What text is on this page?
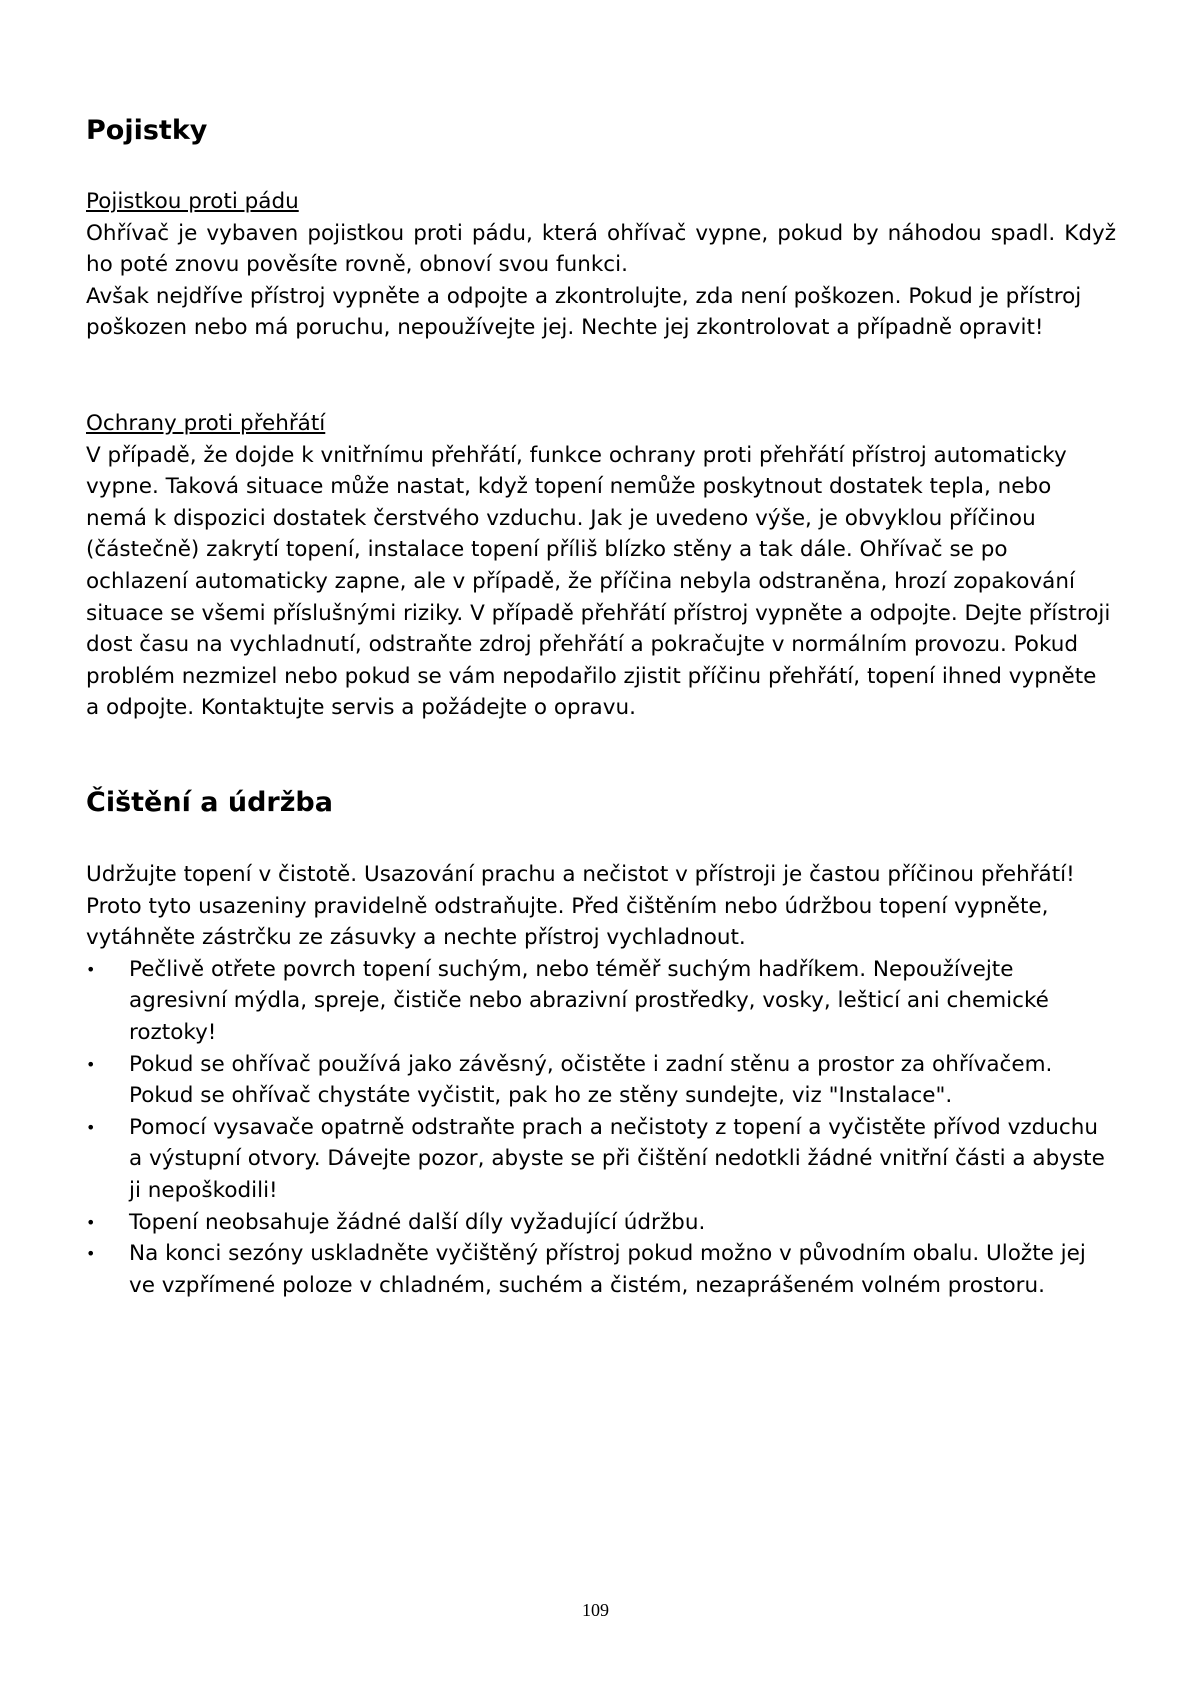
Pojistky
Pojistkou proti pádu

Ohřívač je vybaven pojistkou proti pádu, která ohřívač vypne, pokud by náhodou spadl. Když ho poté znovu pověsíte rovně, obnoví svou funkci.

Avšak nejdříve přístroj vypněte a odpojte a zkontrolujte, zda není poškozen. Pokud je přístroj poškozen nebo má poruchu, nepoužívejte jej. Nechte jej zkontrolovat a případně opravit!

Ochrany proti přehřátí

V případě, že dojde k vnitřnímu přehřátí, funkce ochrany proti přehřátí přístroj automaticky vypne. Taková situace může nastat, když topení nemůže poskytnout dostatek tepla, nebo nemá k dispozici dostatek čerstvého vzduchu. Jak je uvedeno výše, je obvyklou příčinou (částečně) zakrytí topení, instalace topení příliš blízko stěny a tak dále. Ohřívač se po ochlazení automaticky zapne, ale v případě, že příčina nebyla odstraněna, hrozí zopakování situace se všemi příslušnými riziky. V případě přehřátí přístroj vypněte a odpojte. Dejte přístroji dost času na vychladnutí, odstraňte zdroj přehřátí a pokračujte v normálním provozu. Pokud problém nezmizel nebo pokud se vám nepodařilo zjistit příčinu přehřátí, topení ihned vypněte a odpojte. Kontaktujte servis a požádejte o opravu.

Čištění a údržba

Udržujte topení v čistotě. Usazování prachu a nečistot v přístroji je častou příčinou přehřátí!    Proto tyto usazeniny pravidelně odstraňujte. Před čištěním nebo údržbou topení vypněte, vytáhněte zástrčku ze zásuvky a nechte přístroj vychladnout.

• Pečlivě otřete povrch topení suchým, nebo téměř suchým hadříkem. Nepoužívejte agresivní mýdla, spreje, čističe nebo abrazivní prostředky, vosky, lešticí ani chemické roztoky!
• Pokud se ohřívač používá jako závěsný, očistěte i zadní stěnu a prostor za ohřívačem. Pokud se ohřívač chystáte vyčistit, pak ho ze stěny sundejte, viz "Instalace".
• Pomocí vysavače opatrně odstraňte prach a nečistoty z topení a vyčistěte přívod vzduchu a výstupní otvory. Dávejte pozor, abyste se při čištění nedotkli žádné vnitřní části a abyste ji nepoškodili!
• Topení neobsahuje žádné další díly vyžadující údržbu.
• Na konci sezóny uskladněte vyčištěný přístroj pokud možno v původním obalu. Uložte jej ve vzpřímené poloze v chladném, suchém a čistém, nezaprášeném volném prostoru.
109
